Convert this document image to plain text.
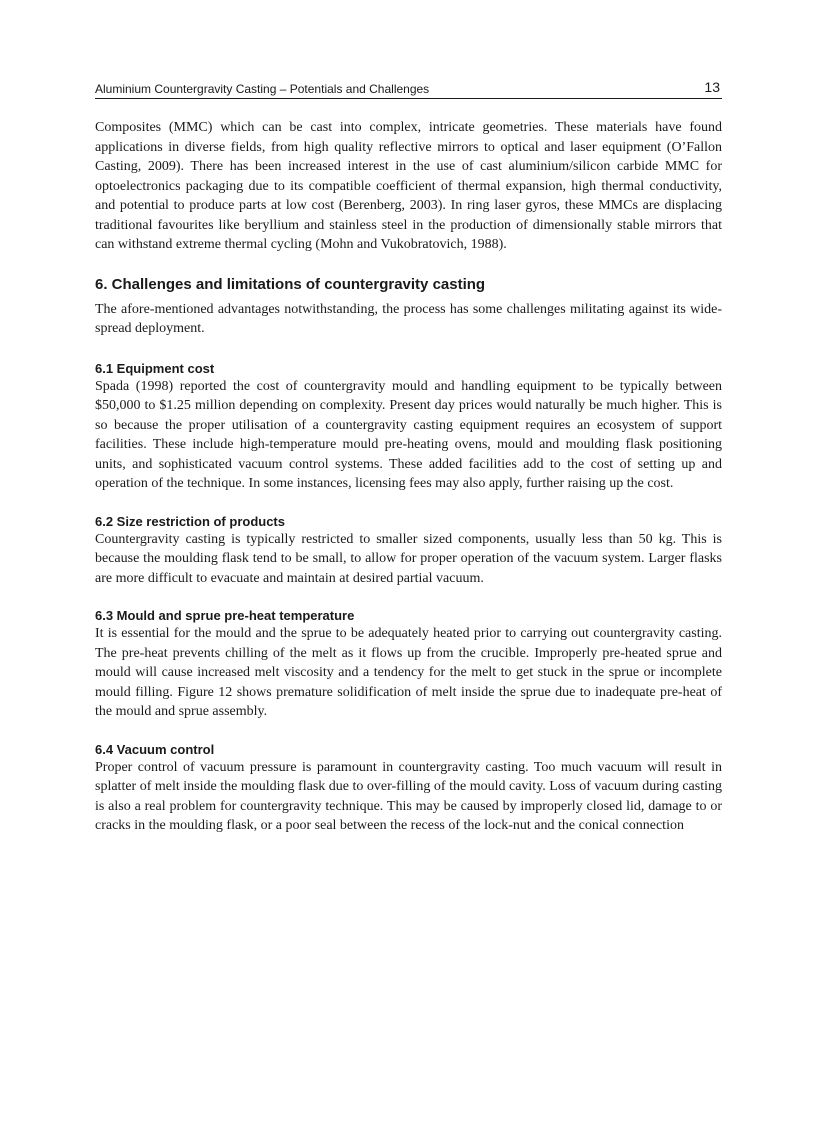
Aluminium Countergravity Casting – Potentials and Challenges	13

Composites (MMC) which can be cast into complex, intricate geometries. These materials have found applications in diverse fields, from high quality reflective mirrors to optical and laser equipment (O’Fallon Casting, 2009). There has been increased interest in the use of cast aluminium/silicon carbide MMC for optoelectronics packaging due to its compatible coefficient of thermal expansion, high thermal conductivity, and potential to produce parts at low cost (Berenberg, 2003). In ring laser gyros, these MMCs are displacing traditional favourites like beryllium and stainless steel in the production of dimensionally stable mirrors that can withstand extreme thermal cycling (Mohn and Vukobratovich, 1988).

6. Challenges and limitations of countergravity casting

The afore-mentioned advantages notwithstanding, the process has some challenges militating against its wide-spread deployment.

6.1 Equipment cost

Spada (1998) reported the cost of countergravity mould and handling equipment to be typically between $50,000 to $1.25 million depending on complexity. Present day prices would naturally be much higher. This is so because the proper utilisation of a countergravity casting equipment requires an ecosystem of support facilities. These include high-temperature mould pre-heating ovens, mould and moulding flask positioning units, and sophisticated vacuum control systems. These added facilities add to the cost of setting up and operation of the technique. In some instances, licensing fees may also apply, further raising up the cost.

6.2 Size restriction of products

Countergravity casting is typically restricted to smaller sized components, usually less than 50 kg. This is because the moulding flask tend to be small, to allow for proper operation of the vacuum system. Larger flasks are more difficult to evacuate and maintain at desired partial vacuum.

6.3 Mould and sprue pre-heat temperature

It is essential for the mould and the sprue to be adequately heated prior to carrying out countergravity casting. The pre-heat prevents chilling of the melt as it flows up from the crucible. Improperly pre-heated sprue and mould will cause increased melt viscosity and a tendency for the melt to get stuck in the sprue or incomplete mould filling. Figure 12 shows premature solidification of melt inside the sprue due to inadequate pre-heat of the mould and sprue assembly.

6.4 Vacuum control

Proper control of vacuum pressure is paramount in countergravity casting. Too much vacuum will result in splatter of melt inside the moulding flask due to over-filling of the mould cavity. Loss of vacuum during casting is also a real problem for countergravity technique. This may be caused by improperly closed lid, damage to or cracks in the moulding flask, or a poor seal between the recess of the lock-nut and the conical connection
